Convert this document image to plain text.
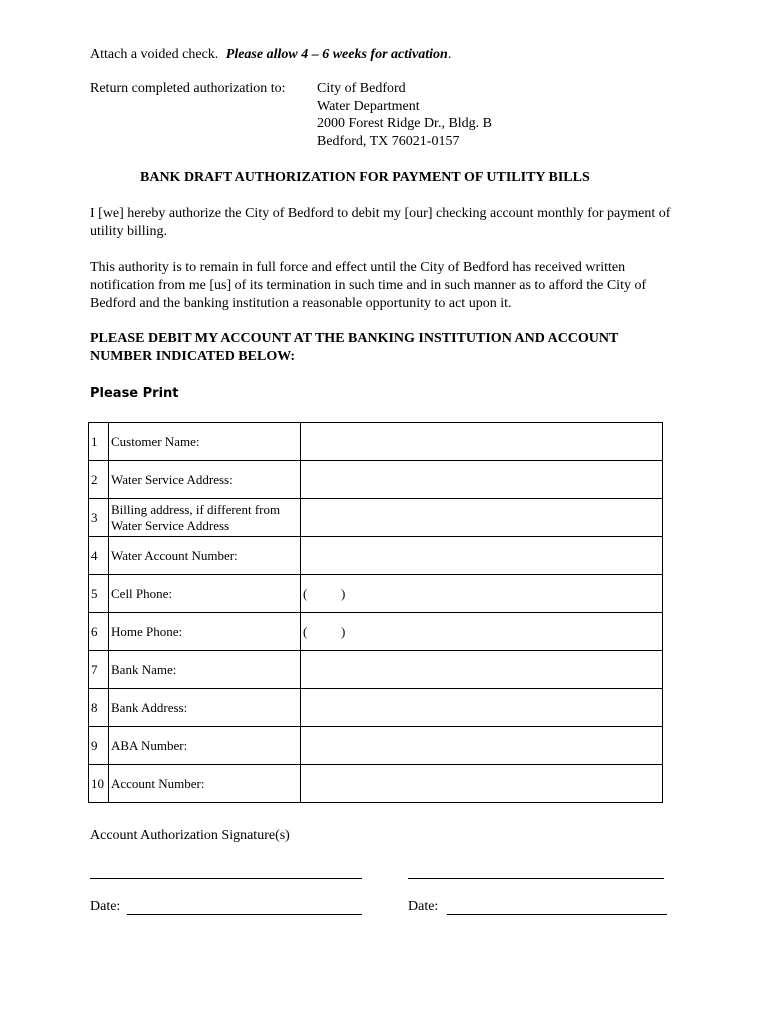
Attach a voided check. Please allow 4 – 6 weeks for activation.
Return completed authorization to: City of Bedford
Water Department
2000 Forest Ridge Dr., Bldg. B
Bedford, TX 76021-0157
BANK DRAFT AUTHORIZATION FOR PAYMENT OF UTILITY BILLS
I [we] hereby authorize the City of Bedford to debit my [our] checking account monthly for payment of utility billing.
This authority is to remain in full force and effect until the City of Bedford has received written notification from me [us] of its termination in such time and in such manner as to afford the City of Bedford and the banking institution a reasonable opportunity to act upon it.
PLEASE DEBIT MY ACCOUNT AT THE BANKING INSTITUTION AND ACCOUNT NUMBER INDICATED BELOW:
Please Print
1	Customer Name:	
2	Water Service Address:	
3	Billing address, if different from Water Service Address	
4	Water Account Number:	
5	Cell Phone:	( )
6	Home Phone:	( )
7	Bank Name:	
8	Bank Address:	
9	ABA Number:	
10	Account Number:	
Account Authorization Signature(s)
Date:	Date:
